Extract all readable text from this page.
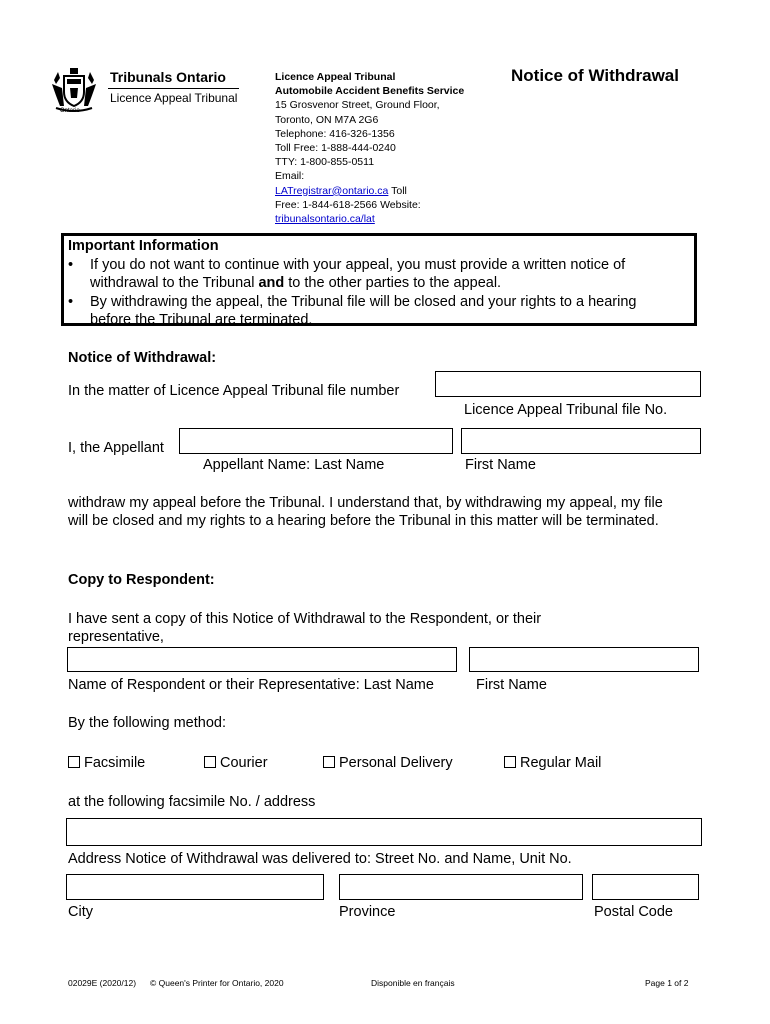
Tribunals Ontario
Licence Appeal Tribunal
Ontario
Licence Appeal Tribunal
Automobile Accident Benefits Service
15 Grosvenor Street, Ground Floor,
Toronto, ON M7A 2G6
Telephone: 416-326-1356
Toll Free: 1-888-444-0240
TTY: 1-800-855-0511
Email:
LATregistrar@ontario.ca Toll
Free: 1-844-618-2566 Website:
tribunalsontario.ca/lat
Notice of Withdrawal
Important Information
• If you do not want to continue with your appeal, you must provide a written notice of
withdrawal to the Tribunal and to the other parties to the appeal.
• By withdrawing the appeal, the Tribunal file will be closed and your rights to a hearing
before the Tribunal are terminated.
Notice of Withdrawal:
In the matter of Licence Appeal Tribunal file number
Licence Appeal Tribunal file No.
I, the Appellant
Appellant Name: Last Name	First Name
withdraw my appeal before the Tribunal. I understand that, by withdrawing my appeal, my file
will be closed and my rights to a hearing before the Tribunal in this matter will be terminated.
Copy to Respondent:
I have sent a copy of this Notice of Withdrawal to the Respondent, or their
representative,
Name of Respondent or their Representative: Last Name	First Name
By the following method:
Facsimile	Courier	Personal Delivery	Regular Mail
at the following facsimile No. / address
Address Notice of Withdrawal was delivered to: Street No. and Name, Unit No.
City	Province	Postal Code
02029E (2020/12) © Queen's Printer for Ontario, 2020	Disponible en français	Page 1 of 2
